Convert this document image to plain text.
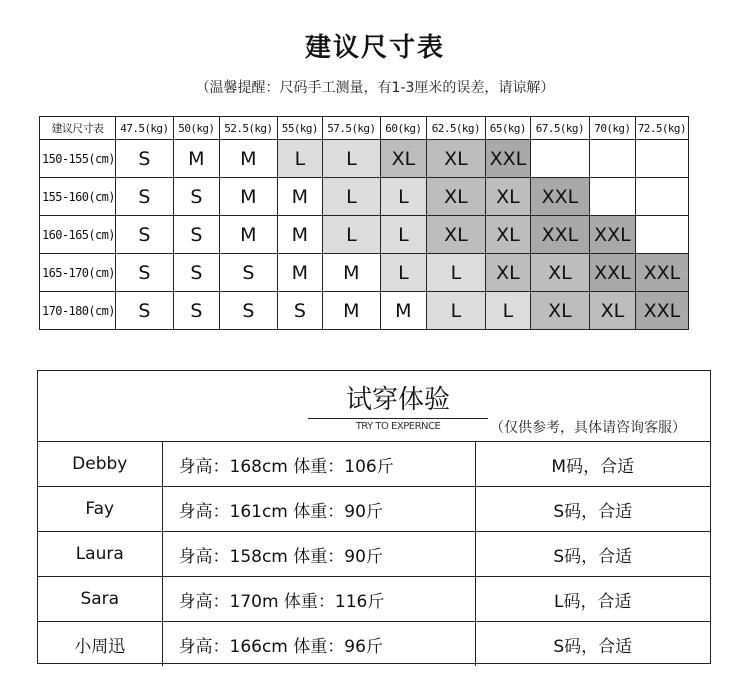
建议尺寸表
（温馨提醒：尺码手工测量，有1-3厘米的误差，请谅解）
建议尺寸表	47.5(kg)	50(kg)	52.5(kg)	55(kg)	57.5(kg)	60(kg)	62.5(kg)	65(kg)	67.5(kg)	70(kg)	72.5(kg)
150-155(cm)	S	M	M	L	L	XL	XL	XXL			
155-160(cm)	S	S	M	M	L	L	XL	XL	XXL		
160-165(cm)	S	S	M	M	L	L	XL	XL	XXL	XXL	
165-170(cm)	S	S	S	M	M	L	L	XL	XL	XXL	XXL
170-180(cm)	S	S	S	S	M	M	L	L	XL	XL	XXL
试穿体验
TRY TO EXPERNCE	（仅供参考，具体请咨询客服）
Debby	身高：168cm 体重：106斤	M码，合适
Fay	身高：161cm 体重：90斤	S码，合适
Laura	身高：158cm 体重：90斤	S码，合适
Sara	身高：170m 体重：116斤	L码，合适
小周迅	身高：166cm 体重：96斤	S码，合适
